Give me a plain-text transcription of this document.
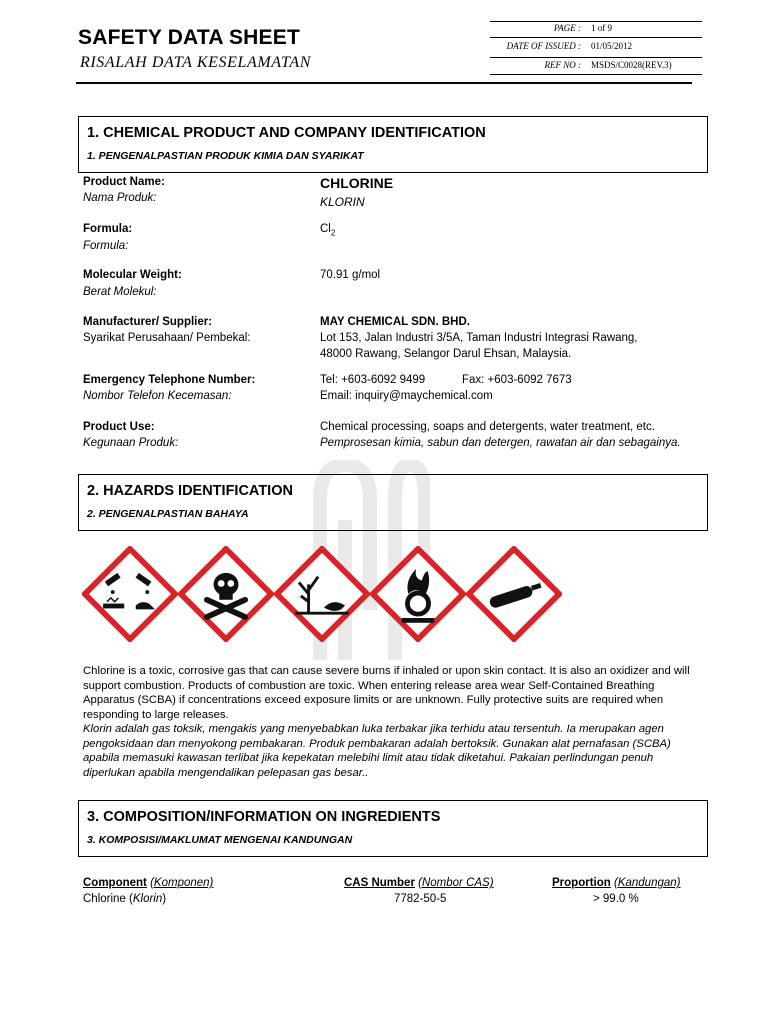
SAFETY DATA SHEET
RISALAH DATA KESELAMATAN
PAGE : 1 of 9
DATE OF ISSUED : 01/05/2012
REF NO : MSDS/C0028(REV.3)
1. CHEMICAL PRODUCT AND COMPANY IDENTIFICATION
1. PENGENALPASTIAN PRODUK KIMIA DAN SYARIKAT
Product Name:
Nama Produk:
CHLORINE
KLORIN
Formula:
Formula:
$Cl_2$
Molecular Weight:
Berat Molekul:
70.91 g/mol
Manufacturer/ Supplier:
Syarikat Perusahaan/ Pembekal:
MAY CHEMICAL SDN. BHD.
Lot 153, Jalan Industri 3/5A, Taman Industri Integrasi Rawang,
48000 Rawang, Selangor Darul Ehsan, Malaysia.
Emergency Telephone Number:
Nombor Telefon Kecemasan:
Tel: +603-6092 9499	Fax: +603-6092 7673
Email: inquiry@maychemical.com
Product Use:
Kegunaan Produk:
Chemical processing, soaps and detergents, water treatment, etc.
Pemprosesan kimia, sabun dan detergen, rawatan air dan sebagainya.
2. HAZARDS IDENTIFICATION
2. PENGENALPASTIAN BAHAYA
Chlorine is a toxic, corrosive gas that can cause severe burns if inhaled or upon skin contact. It is also an oxidizer and will support combustion. Products of combustion are toxic. When entering release area wear Self-Contained Breathing Apparatus (SCBA) if concentrations exceed exposure limits or are unknown. Fully protective suits are required when responding to large releases.
Klorin adalah gas toksik, mengakis yang menyebabkan luka terbakar jika terhidu atau tersentuh. Ia merupakan agen pengoksidaan dan menyokong pembakaran. Produk pembakaran adalah bertoksik. Gunakan alat pernafasan (SCBA) apabila memasuki kawasan terlibat jika kepekatan melebihi limit atau tidak diketahui. Pakaian perlindungan penuh diperlukan apabila mengendalikan pelepasan gas besar..
3. COMPOSITION/INFORMATION ON INGREDIENTS
3. KOMPOSISI/MAKLUMAT MENGENAI KANDUNGAN
Component (Komponen)	CAS Number (Nombor CAS)	Proportion (Kandungan)
Chlorine (Klorin)	7782-50-5	> 99.0 %
